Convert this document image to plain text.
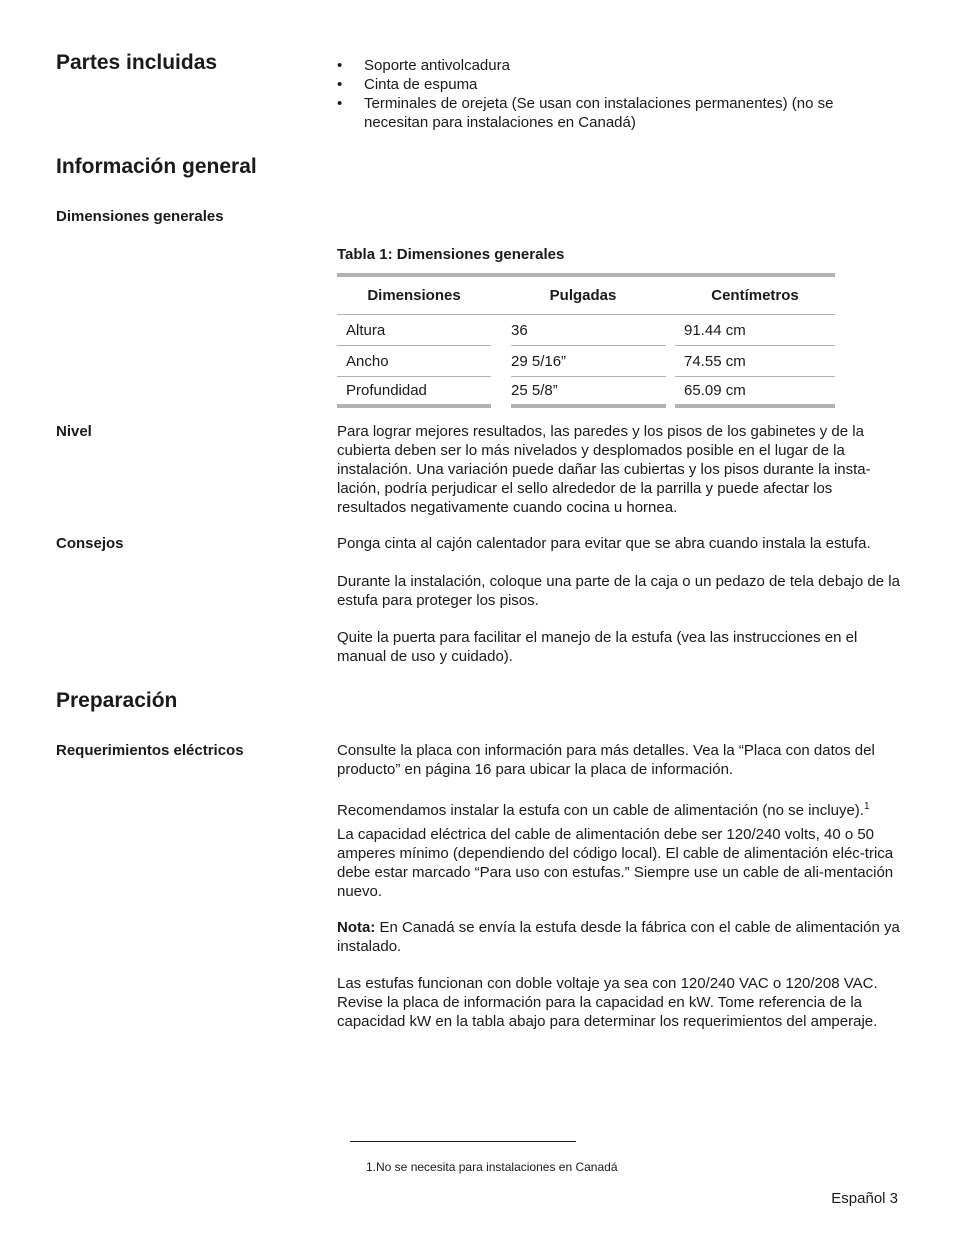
Partes incluidas
•	Soporte antivolcadura
• Cinta de espuma
• Terminales de orejeta (Se usan con instalaciones permanentes) (no se necesitan para instalaciones en Canadá)
Información general
Dimensiones generales
Tabla 1: Dimensiones generales
Dimensiones	Pulgadas	Centímetros
Altura	36	91.44 cm
Ancho	29 5/16”	74.55 cm
Profundidad	25 5/8”	65.09 cm
Nivel	Para lograr mejores resultados, las paredes y los pisos de los gabinetes y de la cubierta deben ser lo más nivelados y desplomados posible en el lugar de la instalación. Una variación puede dañar las cubiertas y los pisos durante la insta-lación, podría perjudicar el sello alrededor de la parrilla y puede afectar los resultados negativamente cuando cocina u hornea.

Consejos	Ponga cinta al cajón calentador para evitar que se abra cuando instala la estufa.

Durante la instalación, coloque una parte de la caja o un pedazo de tela debajo de la estufa para proteger los pisos.

Quite la puerta para facilitar el manejo de la estufa (vea las instrucciones en el manual de uso y cuidado).

Preparación
Requerimientos eléctricos	Consulte la placa con información para más detalles. Vea la “Placa con datos del producto” en página 16 para ubicar la placa de información.

Recomendamos instalar la estufa con un cable de alimentación (no se incluye).$^1$

La capacidad eléctrica del cable de alimentación debe ser 120/240 volts, 40 o 50 amperes mínimo (dependiendo del código local). El cable de alimentación eléc-trica debe estar marcado “Para uso con estufas.” Siempre use un cable de ali-mentación nuevo.

Nota: En Canadá se envía la estufa desde la fábrica con el cable de alimentación ya instalado.

Las estufas funcionan con doble voltaje ya sea con 120/240 VAC o 120/208 VAC. Revise la placa de información para la capacidad en kW. Tome referencia de la capacidad kW en la tabla abajo para determinar los requerimientos del amperaje.

1.No se necesita para instalaciones en Canadá
Español 3
